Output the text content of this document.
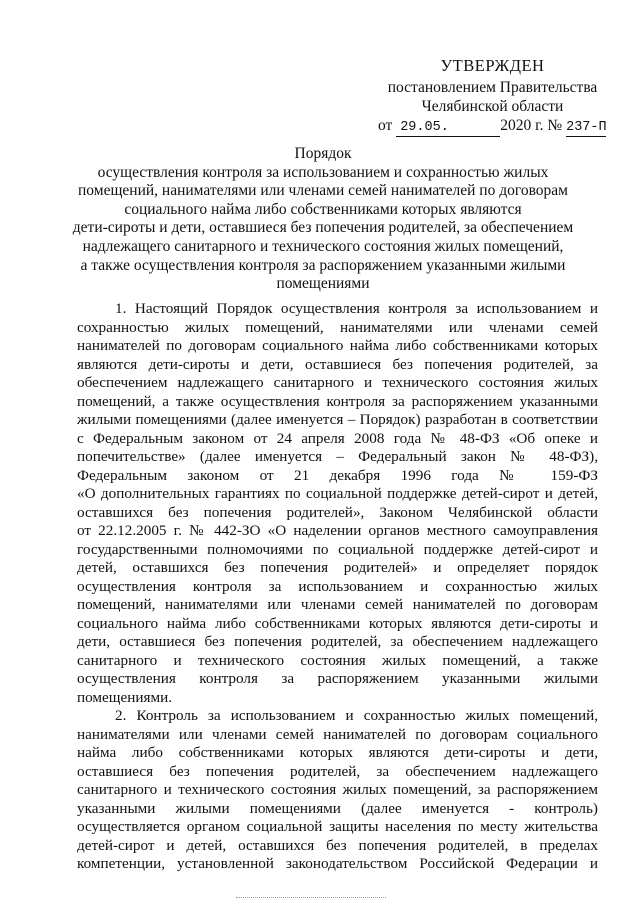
УТВЕРЖДЕН
постановлением Правительства
Челябинской области
от 29.05.	2020 г. № 237-П
Порядок
осуществления контроля за использованием и сохранностью жилых
помещений, нанимателями или членами семей нанимателей по договорам
социального найма либо собственниками которых являются
дети-сироты и дети, оставшиеся без попечения родителей, за обеспечением
надлежащего санитарного и технического состояния жилых помещений,
а также осуществления контроля за распоряжением указанными жилыми
помещениями
1. Настоящий Порядок осуществления контроля за использованием и
сохранностью жилых помещений, нанимателями или членами семей
нанимателей по договорам социального найма либо собственниками которых
являются дети-сироты и дети, оставшиеся без попечения родителей, за
обеспечением надлежащего санитарного и технического состояния жилых
помещений, а также осуществления контроля за распоряжением указанными
жилыми помещениями (далее именуется – Порядок) разработан в соответствии
с Федеральным законом от 24 апреля 2008 года № 48-ФЗ «Об опеке и
попечительстве» (далее именуется – Федеральный закон № 48-ФЗ),
Федеральным законом от 21 декабря 1996 года № 159-ФЗ
«О дополнительных гарантиях по социальной поддержке детей-сирот и детей,
оставшихся без попечения родителей», Законом Челябинской области
от 22.12.2005 г. № 442-ЗО «О наделении органов местного самоуправления
государственными полномочиями по социальной поддержке детей-сирот и
детей, оставшихся без попечения родителей» и определяет порядок
осуществления контроля за использованием и сохранностью жилых
помещений, нанимателями или членами семей нанимателей по договорам
социального найма либо собственниками которых являются дети-сироты и
дети, оставшиеся без попечения родителей, за обеспечением надлежащего
санитарного и технического состояния жилых помещений, а также
осуществления контроля за распоряжением указанными жилыми
помещениями.
2. Контроль за использованием и сохранностью жилых помещений,
нанимателями или членами семей нанимателей по договорам социального
найма либо собственниками которых являются дети-сироты и дети,
оставшиеся без попечения родителей, за обеспечением надлежащего
санитарного и технического состояния жилых помещений, за распоряжением
указанными жилыми помещениями (далее именуется - контроль)
осуществляется органом социальной защиты населения по месту жительства
детей-сирот и детей, оставшихся без попечения родителей, в пределах
компетенции, установленной законодательством Российской Федерации и
